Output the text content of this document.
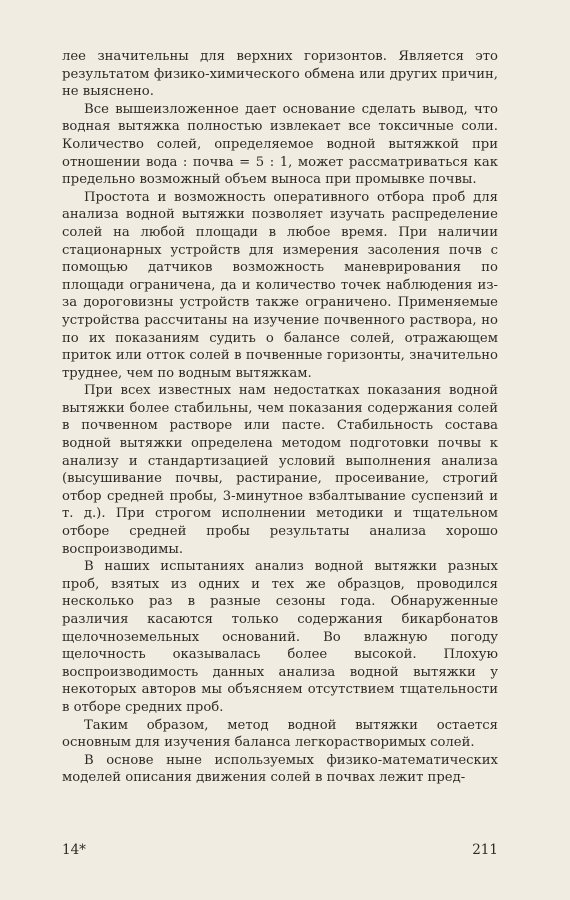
лее значительны для верхних горизонтов. Является это результатом физико-химического обмена или других причин, не выяснено.

Все вышеизложенное дает основание сделать вывод, что водная вытяжка полностью извлекает все токсичные соли. Количество солей, определяемое водной вытяжкой при отношении вода : почва = 5 : 1, может рассматриваться как предельно возможный объем выноса при промывке почвы.

Простота и возможность оперативного отбора проб для анализа водной вытяжки позволяет изучать распределение солей на любой площади в любое время. При наличии стационарных устройств для измерения засоления почв с помощью датчиков возможность маневрирования по площади ограничена, да и количество точек наблюдения из-за дороговизны устройств также ограничено. Применяемые устройства рассчитаны на изучение почвенного раствора, но по их показаниям судить о балансе солей, отражающем приток или отток солей в почвенные горизонты, значительно труднее, чем по водным вытяжкам.

При всех известных нам недостатках показания водной вытяжки более стабильны, чем показания содержания солей в почвенном растворе или пасте. Стабильность состава водной вытяжки определена методом подготовки почвы к анализу и стандартизацией условий выполнения анализа (высушивание почвы, растирание, просеивание, строгий отбор средней пробы, 3-минутное взбалтывание суспензий и т. д.). При строгом исполнении методики и тщательном отборе средней пробы результаты анализа хорошо воспроизводимы.

В наших испытаниях анализ водной вытяжки разных проб, взятых из одних и тех же образцов, проводился несколько раз в разные сезоны года. Обнаруженные различия касаются только содержания бикарбонатов щелочноземельных оснований. Во влажную погоду щелочность оказывалась более высокой. Плохую воспроизводимость данных анализа водной вытяжки у некоторых авторов мы объясняем отсутствием тщательности в отборе средних проб.

Таким образом, метод водной вытяжки остается основным для изучения баланса легкорастворимых солей.

В основе ныне используемых физико-математических моделей описания движения солей в почвах лежит пред-

14*	211
